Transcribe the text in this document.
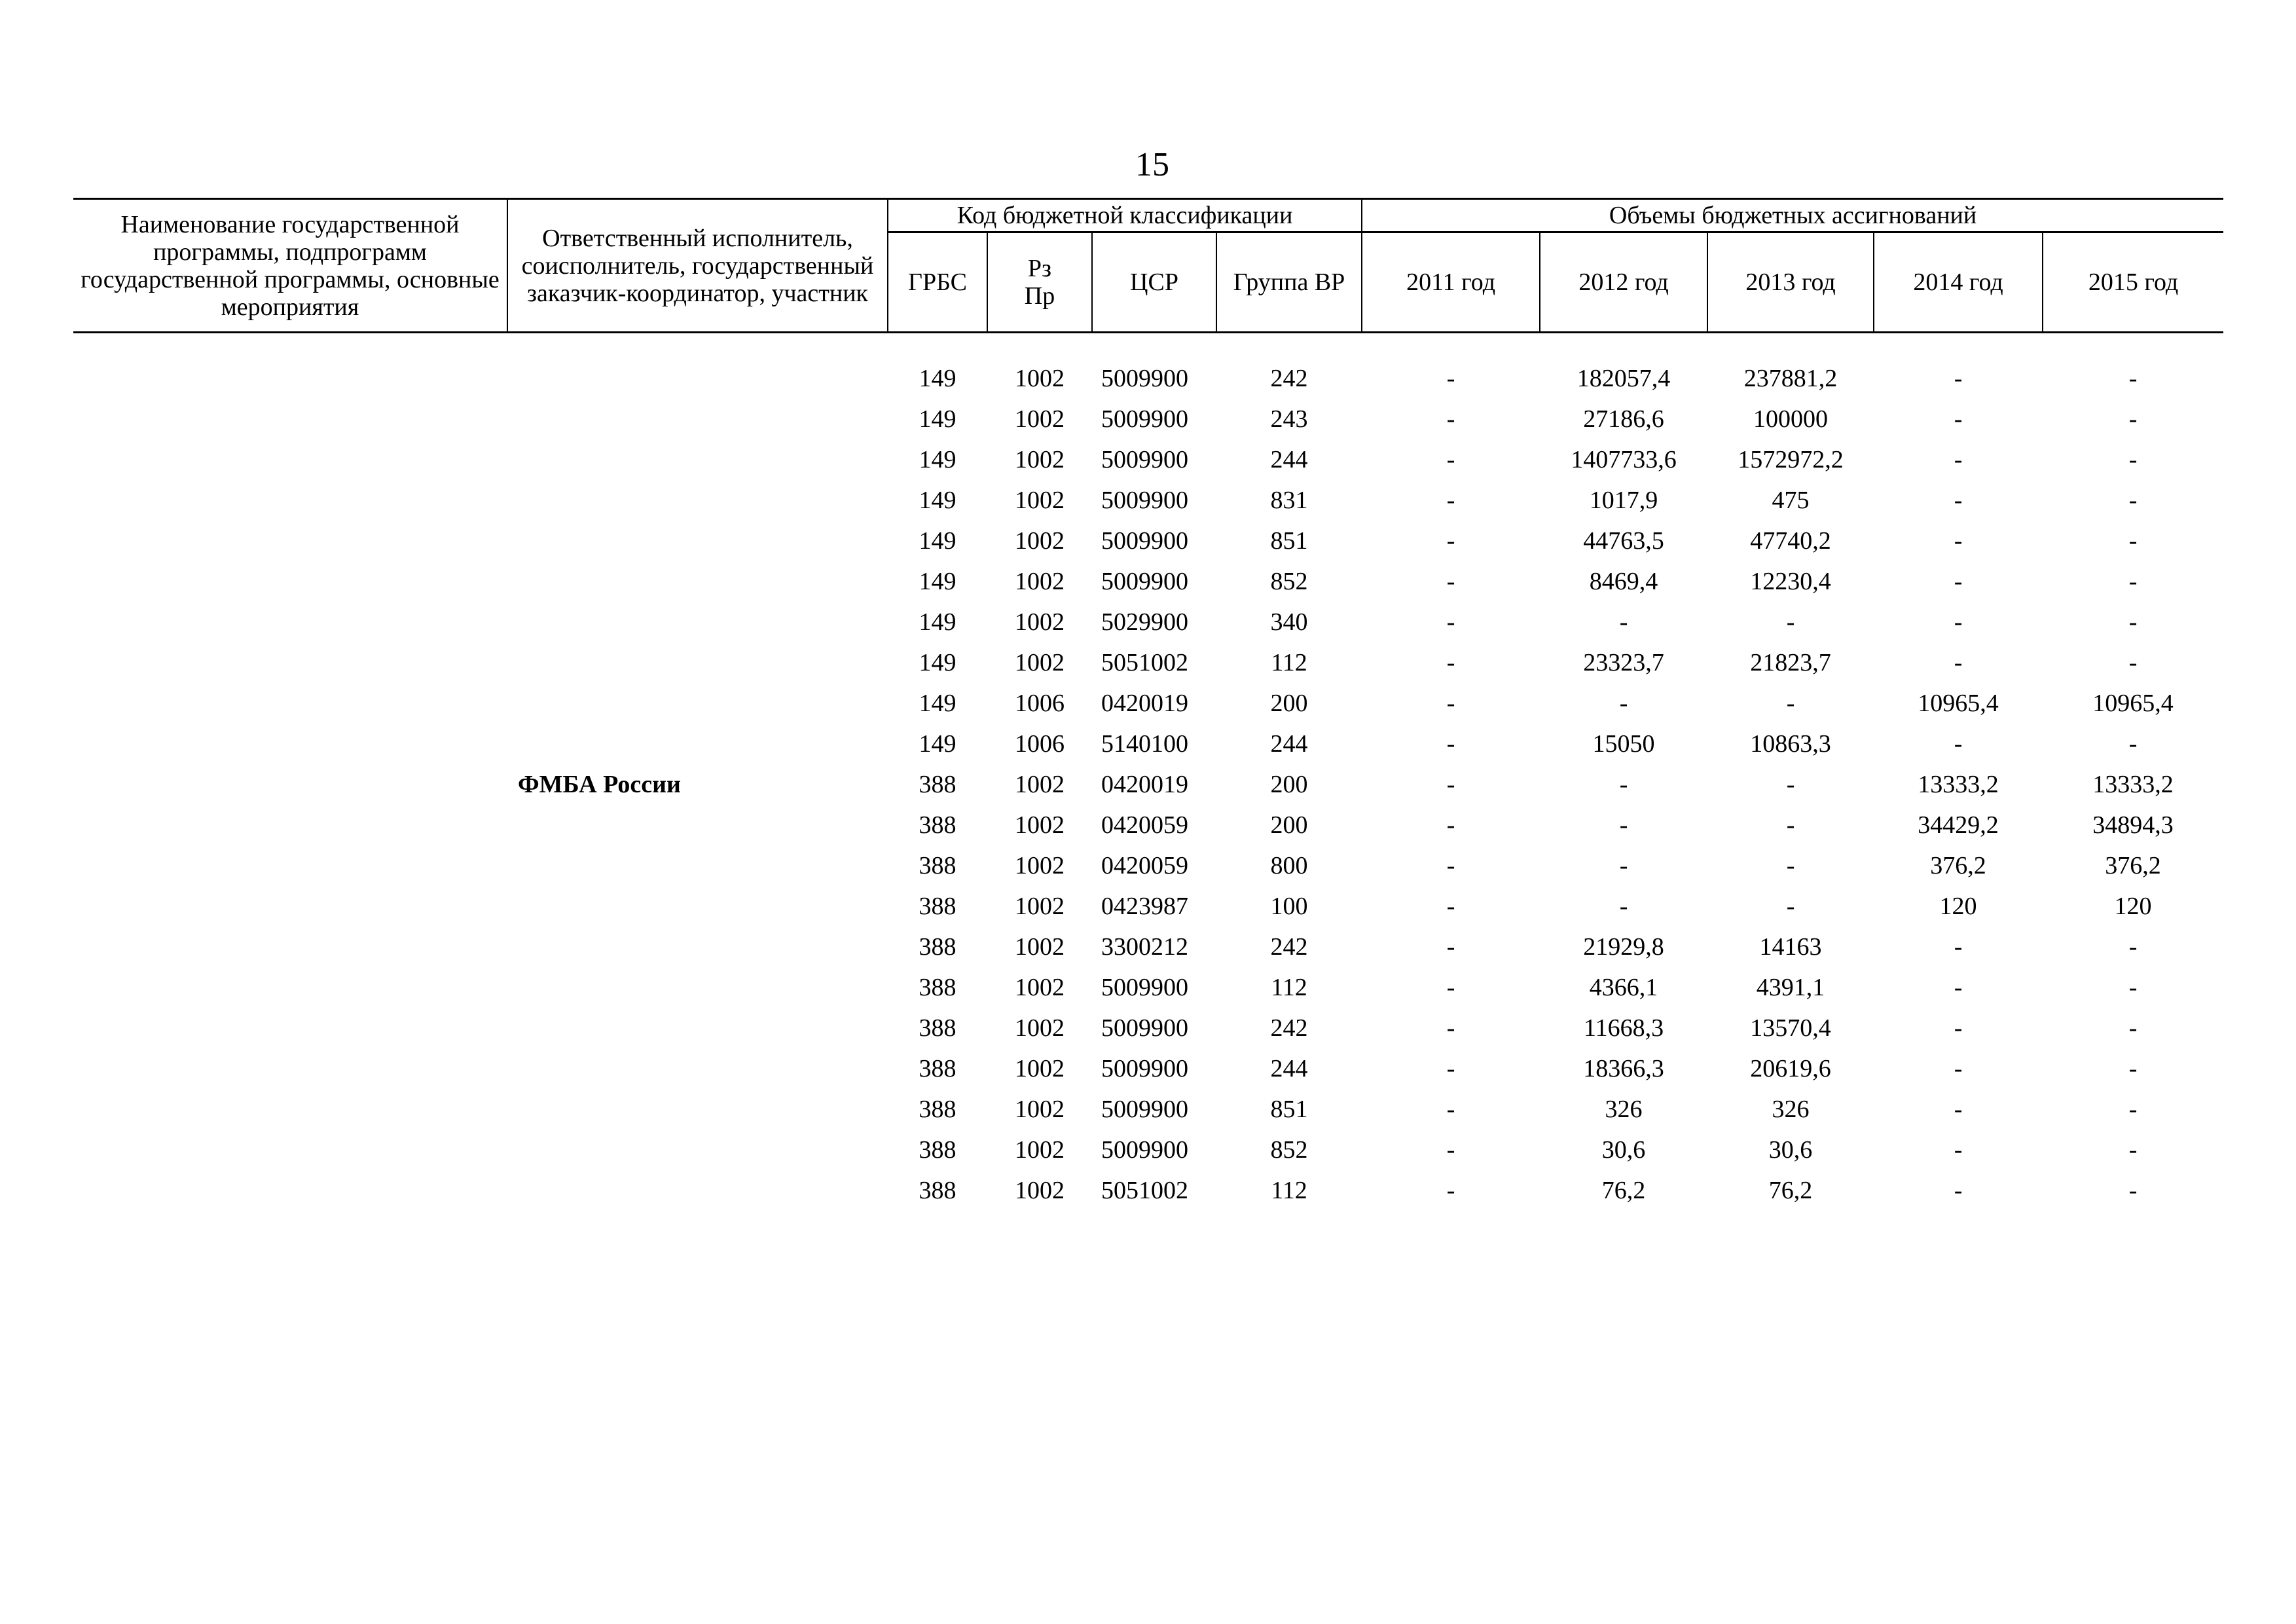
15
Наименование государственной программы, подпрограмм государственной программы, основные мероприятия	Ответственный исполнитель, соисполнитель, государственный заказчик-координатор, участник	Код бюджетной классификации				Объемы бюджетных ассигнований				
		ГРБС	Рз Пр	ЦСР	Группа ВР	2011 год	2012 год	2013 год	2014 год	2015 год

		149	1002	5009900	242	-	182057,4	237881,2	-	-
		149	1002	5009900	243	-	27186,6	100000	-	-
		149	1002	5009900	244	-	1407733,6	1572972,2	-	-
		149	1002	5009900	831	-	1017,9	475	-	-
		149	1002	5009900	851	-	44763,5	47740,2	-	-
		149	1002	5009900	852	-	8469,4	12230,4	-	-
		149	1002	5029900	340	-	-	-	-	-
		149	1002	5051002	112	-	23323,7	21823,7	-	-
		149	1006	0420019	200	-	-	-	10965,4	10965,4
		149	1006	5140100	244	-	15050	10863,3	-	-
	ФМБА России	388	1002	0420019	200	-	-	-	13333,2	13333,2
		388	1002	0420059	200	-	-	-	34429,2	34894,3
		388	1002	0420059	800	-	-	-	376,2	376,2
		388	1002	0423987	100	-	-	-	120	120
		388	1002	3300212	242	-	21929,8	14163	-	-
		388	1002	5009900	112	-	4366,1	4391,1	-	-
		388	1002	5009900	242	-	11668,3	13570,4	-	-
		388	1002	5009900	244	-	18366,3	20619,6	-	-
		388	1002	5009900	851	-	326	326	-	-
		388	1002	5009900	852	-	30,6	30,6	-	-
		388	1002	5051002	112	-	76,2	76,2	-	-
